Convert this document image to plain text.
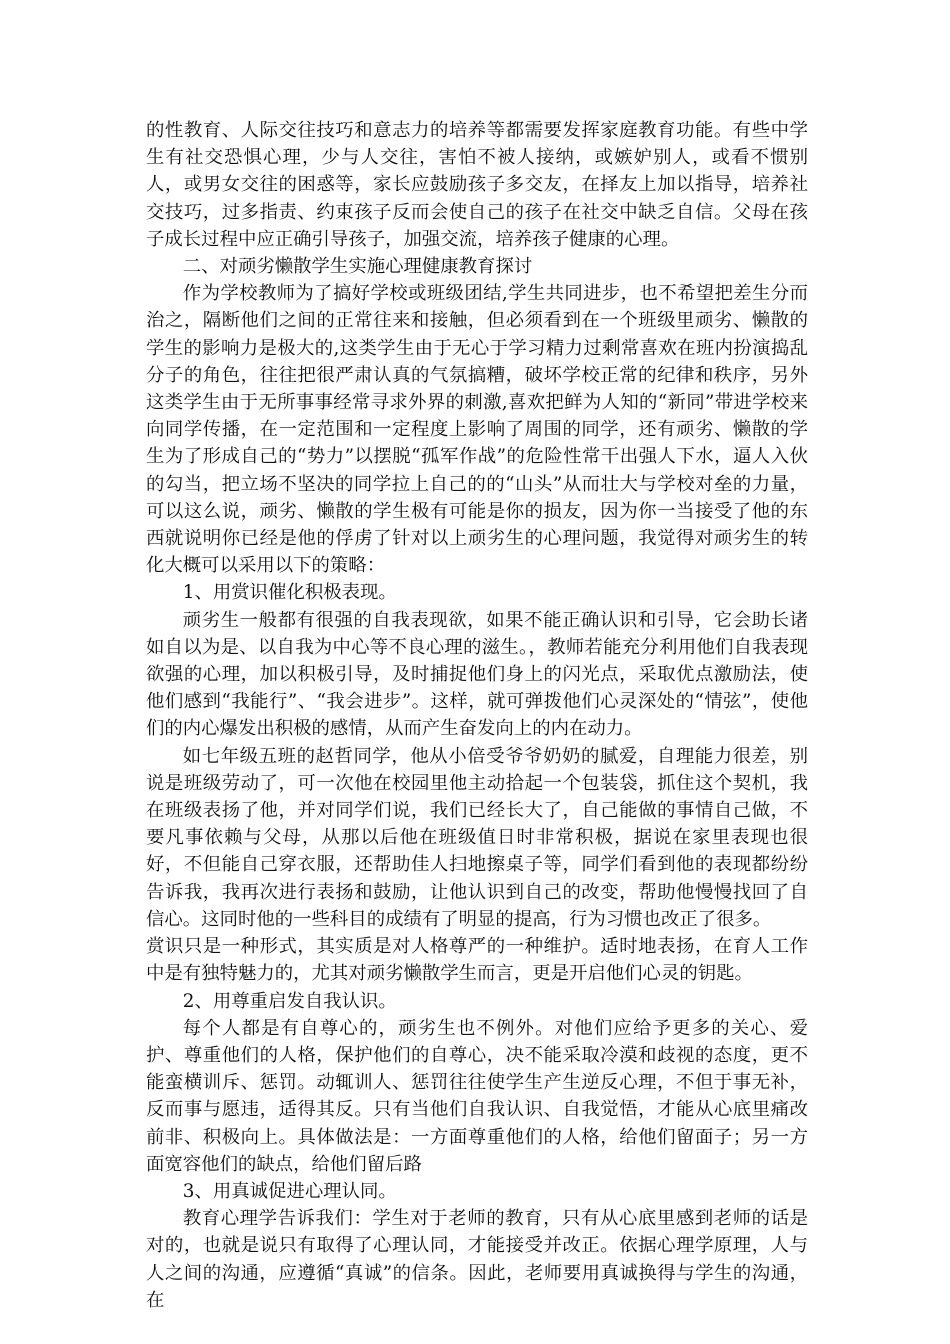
的性教育、人际交往技巧和意志力的培养等都需要发挥家庭教育功能。有些中学生有社交恐惧心理，少与人交往，害怕不被人接纳，或嫉妒别人，或看不惯别人，或男女交往的困惑等，家长应鼓励孩子多交友，在择友上加以指导，培养社交技巧，过多指责、约束孩子反而会使自己的孩子在社交中缺乏自信。父母在孩子成长过程中应正确引导孩子，加强交流，培养孩子健康的心理。

二、对顽劣懒散学生实施心理健康教育探讨

作为学校教师为了搞好学校或班级团结,学生共同进步，也不希望把差生分而治之，隔断他们之间的正常往来和接触，但必须看到在一个班级里顽劣、懒散的学生的影响力是极大的,这类学生由于无心于学习精力过剩常喜欢在班内扮演捣乱分子的角色，往往把很严肃认真的气氛搞糟，破坏学校正常的纪律和秩序，另外这类学生由于无所事事经常寻求外界的刺激,喜欢把鲜为人知的“新同”带进学校来向同学传播，在一定范围和一定程度上影响了周围的同学，还有顽劣、懒散的学生为了形成自己的“势力”以摆脱“孤军作战”的危险性常干出强人下水，逼人入伙的勾当，把立场不坚决的同学拉上自己的的“山头”从而壮大与学校对垒的力量，可以这么说，顽劣、懒散的学生极有可能是你的损友，因为你一当接受了他的东西就说明你已经是他的俘虏了针对以上顽劣生的心理问题，我觉得对顽劣生的转化大概可以采用以下的策略：

1、用赏识催化积极表现。

顽劣生一般都有很强的自我表现欲，如果不能正确认识和引导，它会助长诸如自以为是、以自我为中心等不良心理的滋生。，教师若能充分利用他们自我表现欲强的心理，加以积极引导，及时捕捉他们身上的闪光点，采取优点激励法，使他们感到“我能行”、“我会进步”。这样，就可弹拨他们心灵深处的“情弦”，使他们的内心爆发出积极的感情，从而产生奋发向上的内在动力。

如七年级五班的赵哲同学，他从小倍受爷爷奶奶的腻爱，自理能力很差，别说是班级劳动了，可一次他在校园里他主动拾起一个包装袋，抓住这个契机，我在班级表扬了他，并对同学们说，我们已经长大了，自己能做的事情自己做，不要凡事依赖与父母，从那以后他在班级值日时非常积极，据说在家里表现也很好，不但能自己穿衣服，还帮助佳人扫地擦桌子等，同学们看到他的表现都纷纷告诉我，我再次进行表扬和鼓励，让他认识到自己的改变，帮助他慢慢找回了自信心。这同时他的一些科目的成绩有了明显的提高，行为习惯也改正了很多。

赏识只是一种形式，其实质是对人格尊严的一种维护。适时地表扬，在育人工作中是有独特魅力的，尤其对顽劣懒散学生而言，更是开启他们心灵的钥匙。

2、用尊重启发自我认识。

每个人都是有自尊心的，顽劣生也不例外。对他们应给予更多的关心、爱护、尊重他们的人格，保护他们的自尊心，决不能采取冷漠和歧视的态度，更不能蛮横训斥、惩罚。动辄训人、惩罚往往使学生产生逆反心理，不但于事无补，反而事与愿违，适得其反。只有当他们自我认识、自我觉悟，才能从心底里痛改前非、积极向上。具体做法是：一方面尊重他们的人格，给他们留面子；另一方面宽容他们的缺点，给他们留后路

3、用真诚促进心理认同。

教育心理学告诉我们：学生对于老师的教育，只有从心底里感到老师的话是对的，也就是说只有取得了心理认同，才能接受并改正。依据心理学原理，人与人之间的沟通，应遵循“真诚”的信条。因此，老师要用真诚换得与学生的沟通，在
